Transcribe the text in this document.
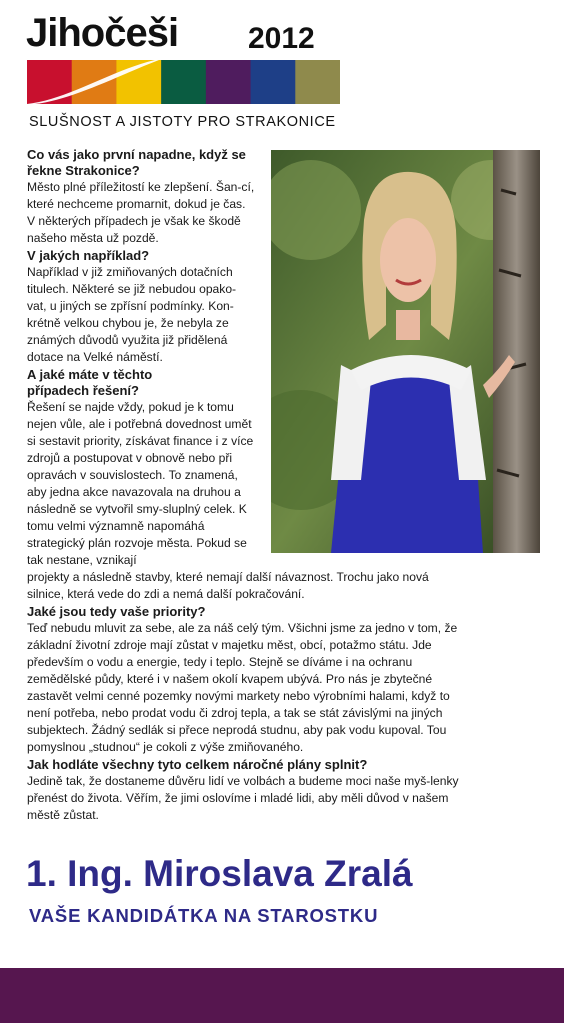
Jihočeši 2012
SLUŠNOST A JISTOTY PRO STRAKONICE

Co vás jako první napadne, když se řekne Strakonice?

Město plné příležitostí ke zlepšení. Šan-cí, které nechceme promarnit, dokud je čas. V některých případech je však ke škodě našeho města už pozdě.

V jakých například?

Například v již zmiňovaných dotačních titulech. Některé se již nebudou opako-vat, u jiných se zpřísní podmínky. Kon-krétně velkou chybou je, že nebyla ze známých důvodů využita již přidělená dotace na Velké náměstí.

A jaké máte v těchto případech řešení?

Řešení se najde vždy, pokud je k tomu nejen vůle, ale i potřebná dovednost umět si sestavit priority, získávat finance i z více zdrojů a postupovat v obnově nebo při opravách v souvislostech. To znamená, aby jedna akce navazovala na druhou a následně se vytvořil smy-sluplný celek. K tomu velmi významně napomáhá strategický plán rozvoje města. Pokud se tak nestane, vznikají

projekty a následně stavby, které nemají další návaznost. Trochu jako nová silnice, která vede do zdi a nemá další pokračování.

Jaké jsou tedy vaše priority?

Teď nebudu mluvit za sebe, ale za náš celý tým. Všichni jsme za jedno v tom, že základní životní zdroje mají zůstat v majetku měst, obcí, potažmo státu. Jde především o vodu a energie, tedy i teplo. Stejně se díváme i na ochranu zemědělské půdy, které i v našem okolí kvapem ubývá. Pro nás je zbytečné zastavět velmi cenné pozemky novými markety nebo výrobními halami, když to není potřeba, nebo prodat vodu či zdroj tepla, a tak se stát závislými na jiných subjektech. Žádný sedlák si přece neprodá studnu, aby pak vodu kupoval. Tou pomyslnou „studnou“ je cokoli z výše zmiňovaného.

Jak hodláte všechny tyto celkem náročné plány splnit?

Jedině tak, že dostaneme důvěru lidí ve volbách a budeme moci naše myš-lenky přenést do života. Věřím, že jimi oslovíme i mladé lidi, aby měli důvod v našem městě zůstat.

1. Ing. Miroslava Zralá
VAŠE KANDIDÁTKA NA STAROSTKU
